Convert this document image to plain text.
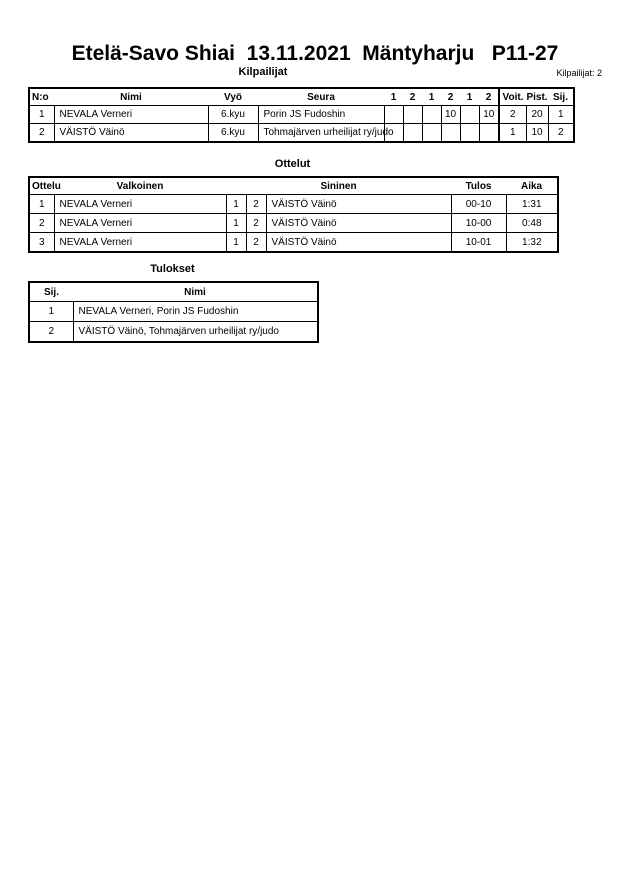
Etelä-Savo Shiai  13.11.2021  Mäntyharju   P11-27
Kilpailijat	Kilpailijat: 2
N:o	Nimi	Vyö	Seura	1	2	1	2	1	2	Voit.	Pist.	Sij.
1	NEVALA Verneri	6.kyu	Porin JS Fudoshin				10		10	2	20	1
2	VÄISTÖ Väinö	6.kyu	Tohmajärven urheilijat ry/judo							1	10	2
Ottelut
Ottelu	Valkoinen	Sininen			Tulos	Aika
1	NEVALA Verneri	1	2	VÄISTÖ Väinö	00-10	1:31
2	NEVALA Verneri	1	2	VÄISTÖ Väinö	10-00	0:48
3	NEVALA Verneri	1	2	VÄISTÖ Väinö	10-01	1:32
Tulokset
Sij.	Nimi
1	NEVALA Verneri, Porin JS Fudoshin
2	VÄISTÖ Väinö, Tohmajärven urheilijat ry/judo
